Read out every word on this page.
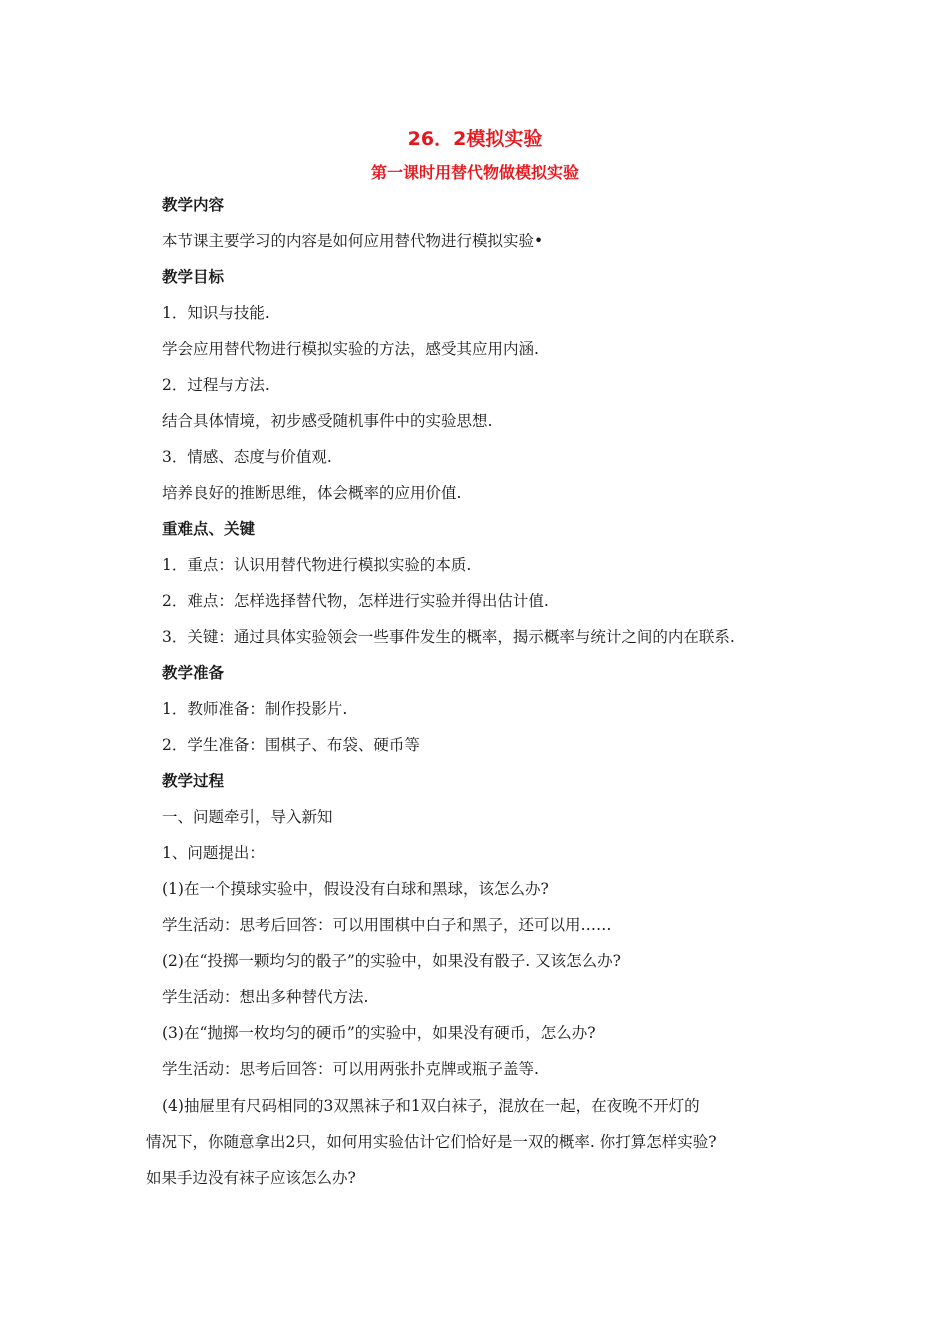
26．2模拟实验
第一课时用替代物做模拟实验
教学内容
本节课主要学习的内容是如何应用替代物进行模拟实验•
教学目标
1．知识与技能.
学会应用替代物进行模拟实验的方法，感受其应用内涵.
2．过程与方法.
结合具体情境，初步感受随机事件中的实验思想.
3．情感、态度与价值观.
培养良好的推断思维，体会概率的应用价值.
重难点、关键
1．重点：认识用替代物进行模拟实验的本质.
2．难点：怎样选择替代物，怎样进行实验并得出估计值.
3．关键：通过具体实验领会一些事件发生的概率，揭示概率与统计之间的内在联系.
教学准备
1．教师准备：制作投影片.
2．学生准备：围棋子、布袋、硬币等
教学过程
一、问题牵引，导入新知
1、问题提出：
(1)在一个摸球实验中，假设没有白球和黑球，该怎么办?
学生活动：思考后回答：可以用围棋中白子和黑子，还可以用……
(2)在“投掷一颗均匀的骰子”的实验中，如果没有骰子. 又该怎么办?
学生活动：想出多种替代方法.
(3)在“抛掷一枚均匀的硬币”的实验中，如果没有硬币，怎么办?
学生活动：思考后回答：可以用两张扑克牌或瓶子盖等.
(4)抽屉里有尺码相同的3双黑袜子和1双白袜子，混放在一起，在夜晚不开灯的
情况下，你随意拿出2只，如何用实验估计它们恰好是一双的概率. 你打算怎样实验?
如果手边没有袜子应该怎么办?
